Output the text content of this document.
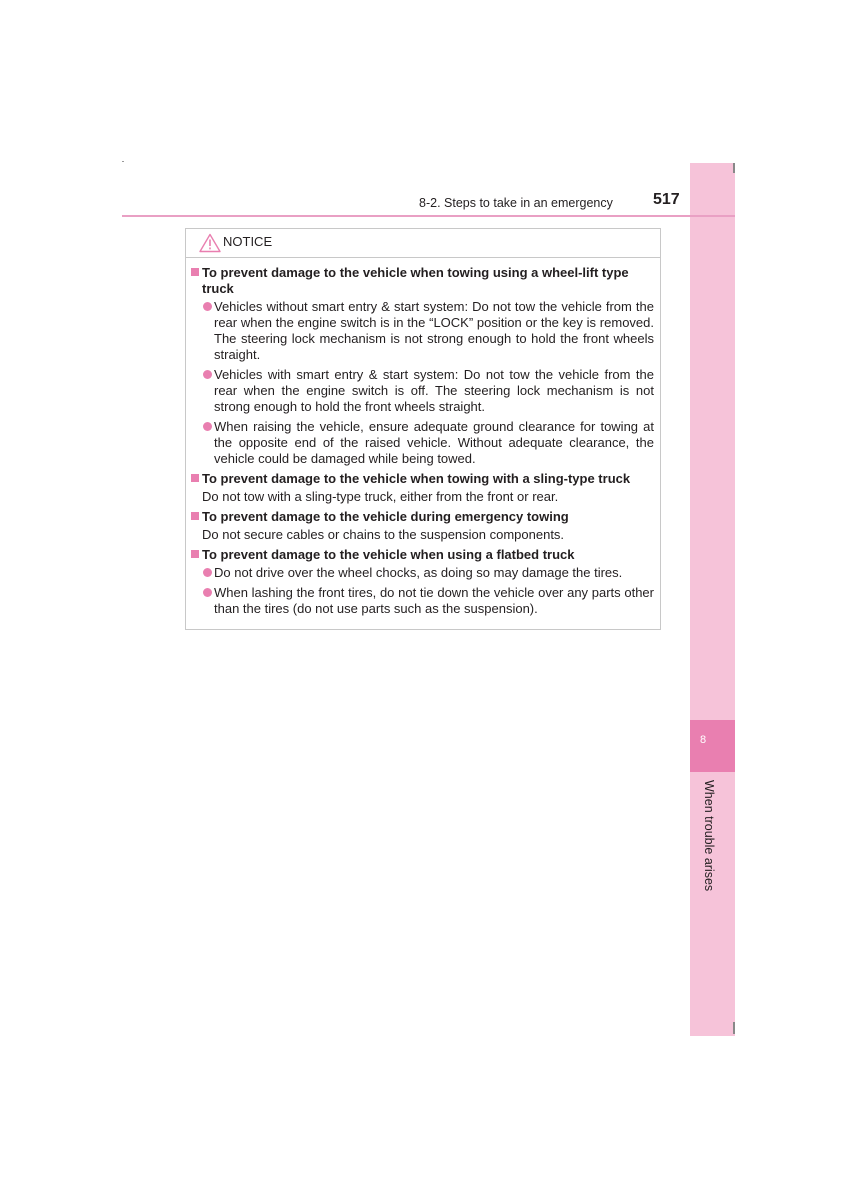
8
When trouble arises
8-2. Steps to take in an emergency	517
NOTICE
To prevent damage to the vehicle when towing using a wheel-lift type truck
Vehicles without smart entry & start system: Do not tow the vehicle from the rear when the engine switch is in the “LOCK” position or the key is removed. The steering lock mechanism is not strong enough to hold the front wheels straight.
Vehicles with smart entry & start system: Do not tow the vehicle from the rear when the engine switch is off. The steering lock mechanism is not strong enough to hold the front wheels straight.
When raising the vehicle, ensure adequate ground clearance for towing at the opposite end of the raised vehicle. Without adequate clearance, the vehicle could be damaged while being towed.
To prevent damage to the vehicle when towing with a sling-type truck
Do not tow with a sling-type truck, either from the front or rear.
To prevent damage to the vehicle during emergency towing
Do not secure cables or chains to the suspension components.
To prevent damage to the vehicle when using a flatbed truck
Do not drive over the wheel chocks, as doing so may damage the tires.
When lashing the front tires, do not tie down the vehicle over any parts other than the tires (do not use parts such as the suspension).
